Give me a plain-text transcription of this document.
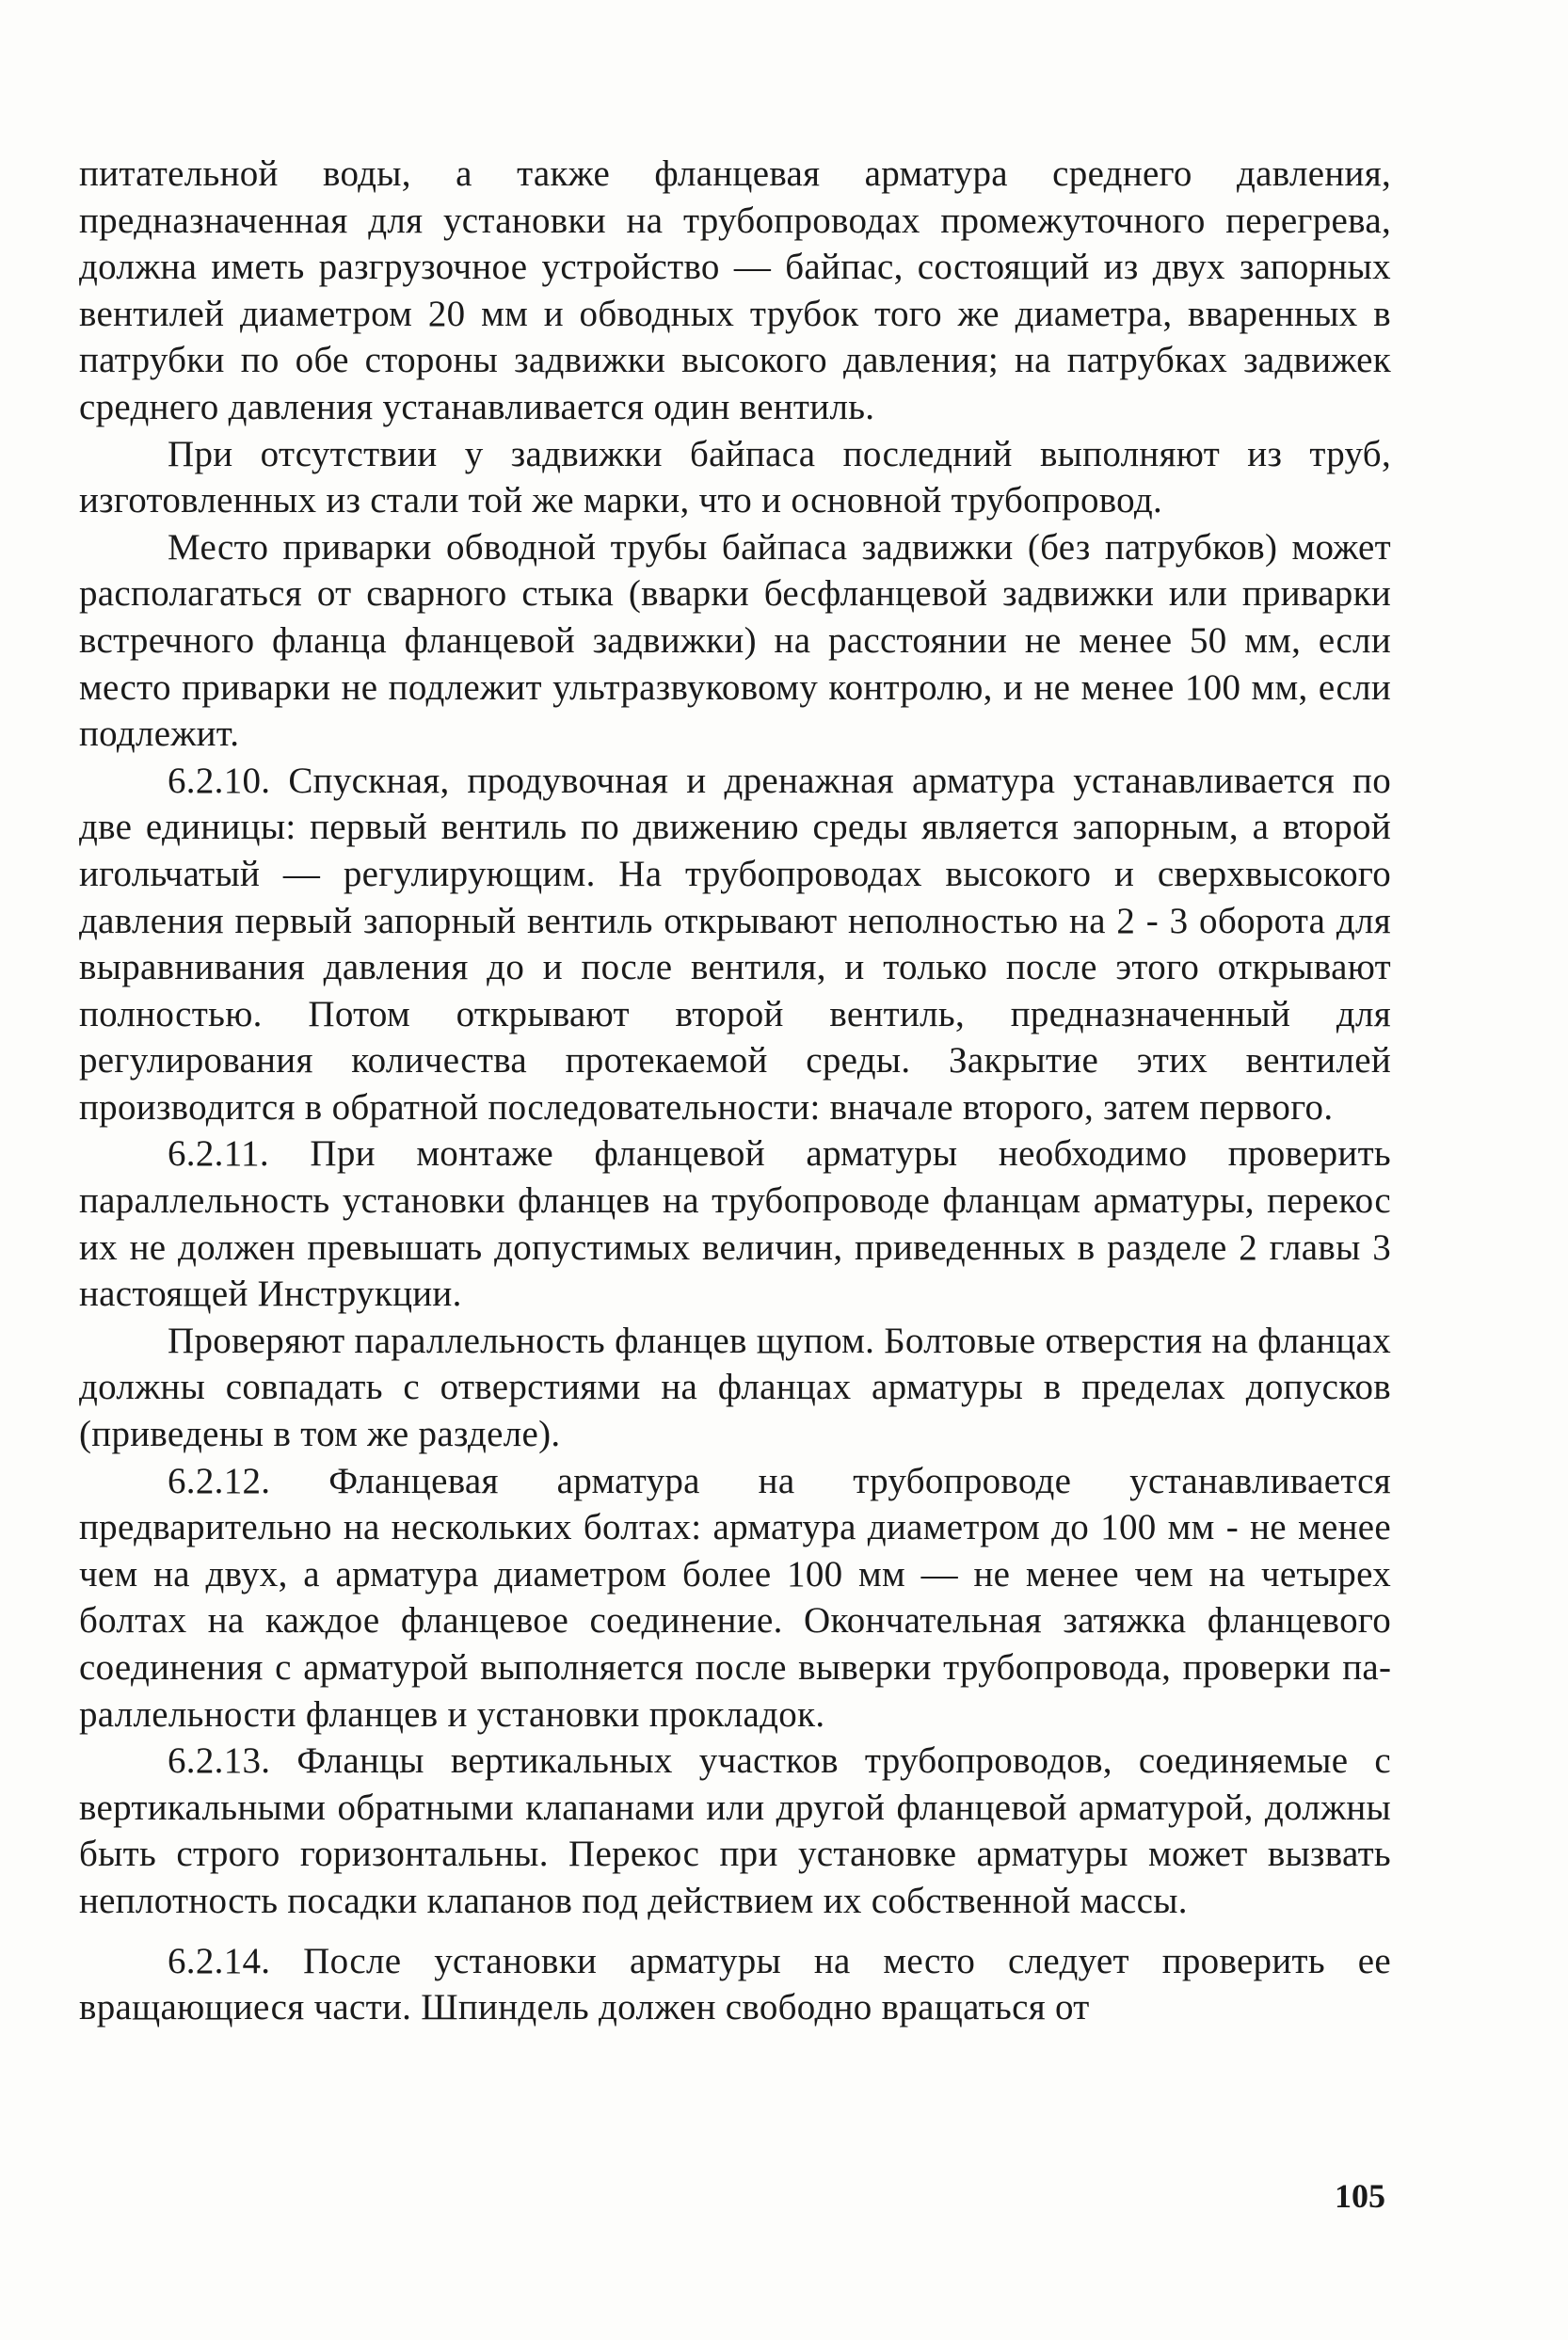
питательной воды, а также фланцевая арматура среднего давления, предназначенная для установки на трубопроводах промежуточного перегрева, должна иметь разгрузочное устройство — байпас, состоящий из двух запорных вентилей диаметром 20 мм и обводных трубок того же диаметра, вваренных в патрубки по обе стороны задвижки высокого давления; на патрубках задвижек среднего давления устанавливается один вентиль.

При отсутствии у задвижки байпаса последний выполняют из труб, изготовленных из стали той же марки, что и основной трубопровод.

Место приварки обводной трубы байпаса задвижки (без патрубков) может располагаться от сварного стыка (вварки бесфланцевой задвижки или приварки встречного фланца фланцевой задвижки) на расстоянии не менее 50 мм, если место приварки не подлежит ультразвуковому контролю, и не менее 100 мм, если подлежит.

6.2.10. Спускная, продувочная и дренажная арматура устанавливается по две единицы: первый вентиль по движению среды является запорным, а второй игольчатый — регулирующим. На трубопроводах высокого и сверхвысокого давления первый запорный вентиль открывают неполностью на 2 - 3 оборота для выравнивания давления до и после вентиля, и только после этого открывают полностью. Потом открывают второй вентиль, предназначенный для регулирования количества протекаемой среды. Закрытие этих вентилей производится в обратной последовательности: вначале второго, затем первого.

6.2.11. При монтаже фланцевой арматуры необходимо проверить параллельность установки фланцев на трубопроводе фланцам арматуры, перекос их не должен превышать допустимых величин, приведенных в разделе 2 главы 3 настоящей Инструкции.

Проверяют параллельность фланцев щупом. Болтовые отверстия на фланцах должны совпадать с отверстиями на фланцах арматуры в пределах допусков (приведены в том же разделе).

6.2.12. Фланцевая арматура на трубопроводе устанавливается предварительно на нескольких болтах: арматура диаметром до 100 мм - не менее чем на двух, а арматура диаметром более 100 мм — не менее чем на четырех болтах на каждое фланцевое соединение. Окончательная затяжка фланцевого соединения с арматурой выполняется после выверки трубопровода, проверки параллельности фланцев и установки прокладок.

6.2.13. Фланцы вертикальных участков трубопроводов, соединяемые с вертикальными обратными клапанами или другой фланцевой арматурой, должны быть строго горизонтальны. Перекос при установке арматуры может вызвать неплотность посадки клапанов под действием их собственной массы.

6.2.14. После установки арматуры на место следует проверить ее вращающиеся части. Шпиндель должен свободно вращаться от

105
